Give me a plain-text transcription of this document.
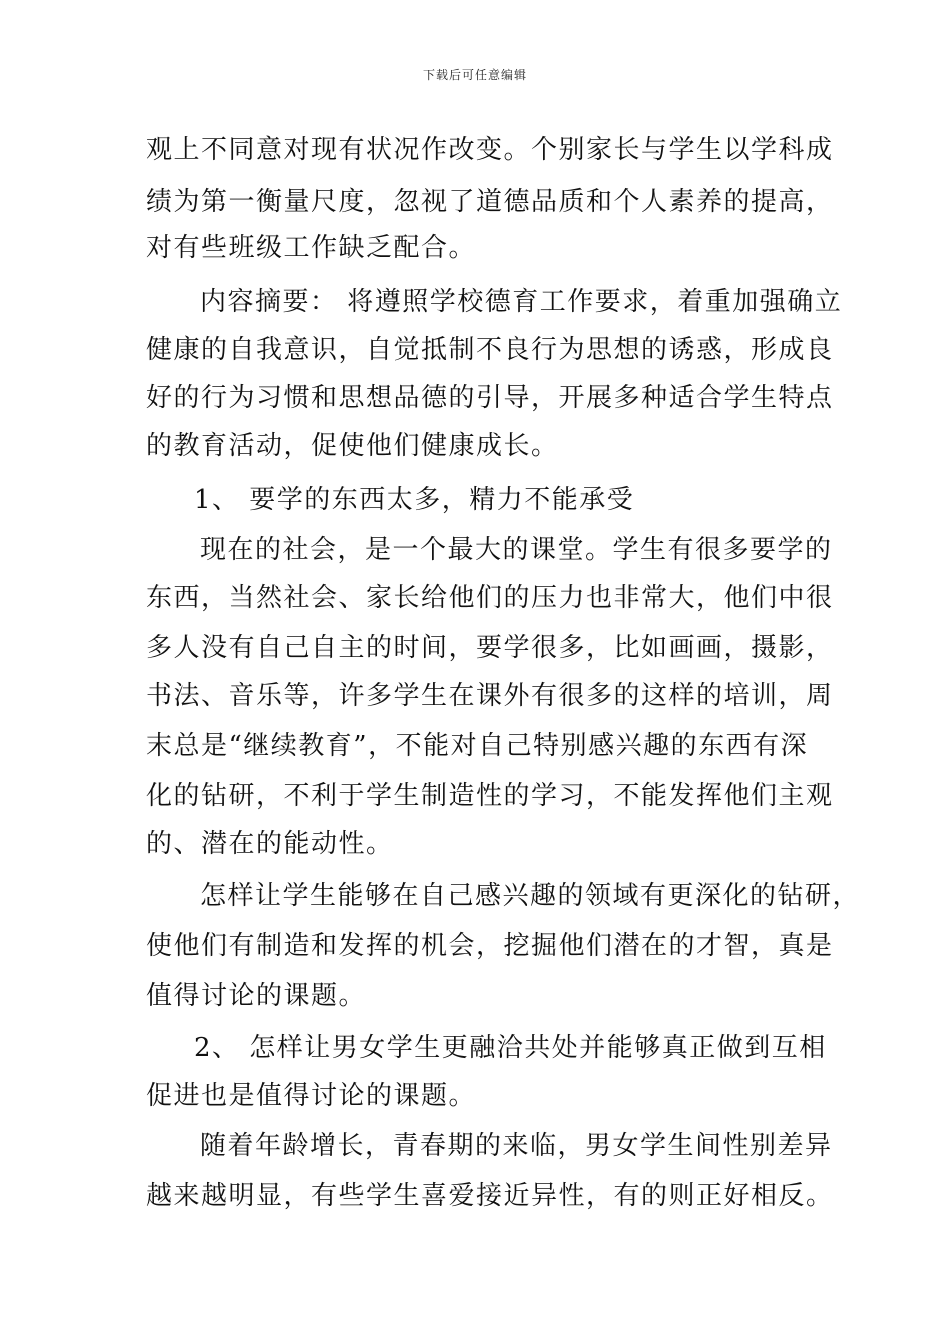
下载后可任意编辑
观上不同意对现有状况作改变。个别家长与学生以学科成
绩为第一衡量尺度，忽视了道德品质和个人素养的提高，
对有些班级工作缺乏配合。
内容摘要： 将遵照学校德育工作要求，着重加强确立
健康的自我意识，自觉抵制不良行为思想的诱惑，形成良
好的行为习惯和思想品德的引导，开展多种适合学生特点
的教育活动，促使他们健康成长。
1、 要学的东西太多，精力不能承受
现在的社会，是一个最大的课堂。学生有很多要学的
东西，当然社会、家长给他们的压力也非常大，他们中很
多人没有自己自主的时间，要学很多，比如画画，摄影，
书法、音乐等，许多学生在课外有很多的这样的培训，周
末总是“继续教育”，不能对自己特别感兴趣的东西有深
化的钻研，不利于学生制造性的学习，不能发挥他们主观
的、潜在的能动性。
怎样让学生能够在自己感兴趣的领域有更深化的钻研，
使他们有制造和发挥的机会，挖掘他们潜在的才智，真是
值得讨论的课题。
2、 怎样让男女学生更融洽共处并能够真正做到互相
促进也是值得讨论的课题。
随着年龄增长，青春期的来临，男女学生间性别差异
越来越明显，有些学生喜爱接近异性，有的则正好相反。
